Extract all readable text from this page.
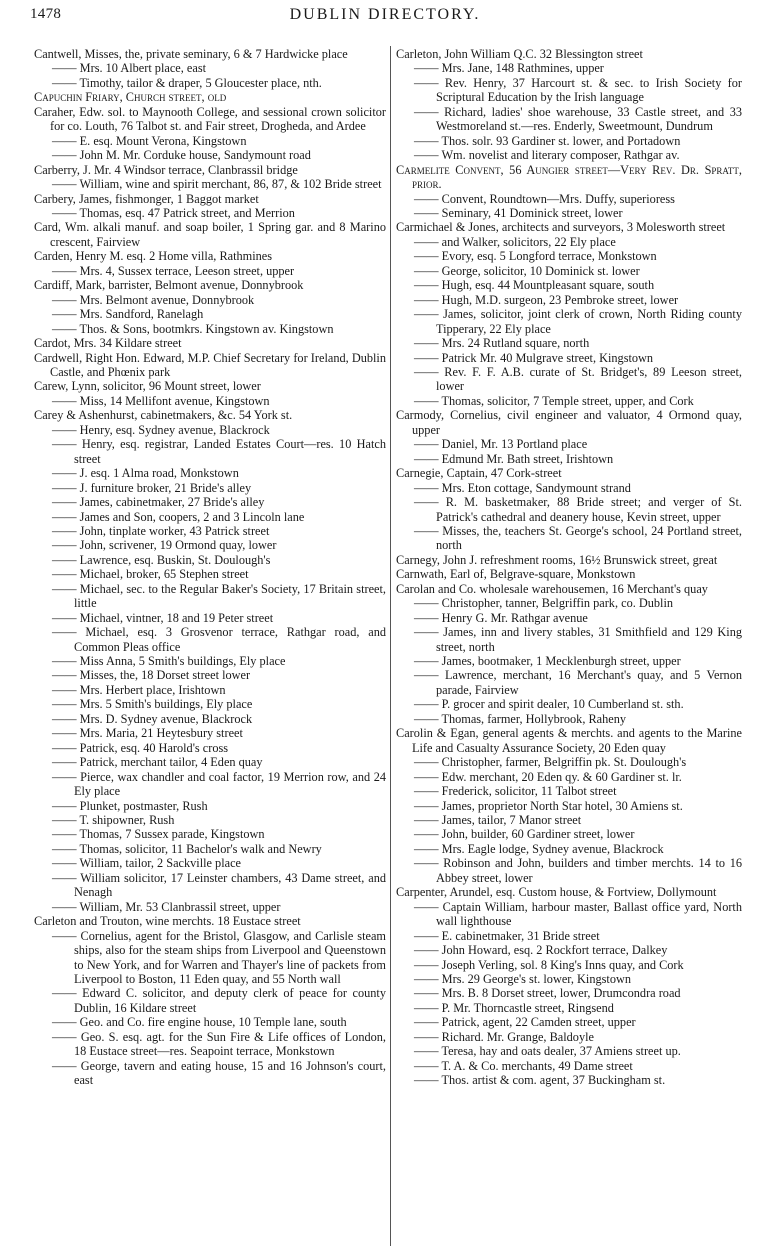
1478	DUBLIN DIRECTORY.
Cantwell, Misses, the, private seminary, 6 & 7 Hardwicke place
—— Mrs. 10 Albert place, east
—— Timothy, tailor & draper, 5 Gloucester place, nth.
Capuchin Friary, Church street, old
Caraher, Edw. sol. to Maynooth College, and sessional crown solicitor for co. Louth, 76 Talbot st. and Fair street, Drogheda, and Ardee
—— E. esq. Mount Verona, Kingstown
—— John M. Mr. Corduke house, Sandymount road
Carberry, J. Mr. 4 Windsor terrace, Clanbrassil bridge
—— William, wine and spirit merchant, 86, 87, & 102 Bride street
Carbery, James, fishmonger, 1 Baggot market
—— Thomas, esq. 47 Patrick street, and Merrion
Card, Wm. alkali manuf. and soap boiler, 1 Spring gar. and 8 Marino crescent, Fairview
Carden, Henry M. esq. 2 Home villa, Rathmines
—— Mrs. 4, Sussex terrace, Leeson street, upper
Cardiff, Mark, barrister, Belmont avenue, Donnybrook
—— Mrs. Belmont avenue, Donnybrook
—— Mrs. Sandford, Ranelagh
—— Thos. & Sons, bootmkrs. Kingstown av. Kingstown
Cardot, Mrs. 34 Kildare street
Cardwell, Right Hon. Edward, M.P. Chief Secretary for Ireland, Dublin Castle, and Phœnix park
Carew, Lynn, solicitor, 96 Mount street, lower
—— Miss, 14 Mellifont avenue, Kingstown
Carey & Ashenhurst, cabinetmakers, &c. 54 York st.
—— Henry, esq. Sydney avenue, Blackrock
—— Henry, esq. registrar, Landed Estates Court—res. 10 Hatch street
—— J. esq. 1 Alma road, Monkstown
—— J. furniture broker, 21 Bride's alley
—— James, cabinetmaker, 27 Bride's alley
—— James and Son, coopers, 2 and 3 Lincoln lane
—— John, tinplate worker, 43 Patrick street
—— John, scrivener, 19 Ormond quay, lower
—— Lawrence, esq. Buskin, St. Doulough's
—— Michael, broker, 65 Stephen street
—— Michael, sec. to the Regular Baker's Society, 17 Britain street, little
—— Michael, vintner, 18 and 19 Peter street
—— Michael, esq. 3 Grosvenor terrace, Rathgar road, and Common Pleas office
—— Miss Anna, 5 Smith's buildings, Ely place
—— Misses, the, 18 Dorset street lower
—— Mrs. Herbert place, Irishtown
—— Mrs. 5 Smith's buildings, Ely place
—— Mrs. D. Sydney avenue, Blackrock
—— Mrs. Maria, 21 Heytesbury street
—— Patrick, esq. 40 Harold's cross
—— Patrick, merchant tailor, 4 Eden quay
—— Pierce, wax chandler and coal factor, 19 Merrion row, and 24 Ely place
—— Plunket, postmaster, Rush
—— T. shipowner, Rush
—— Thomas, 7 Sussex parade, Kingstown
—— Thomas, solicitor, 11 Bachelor's walk and Newry
—— William, tailor, 2 Sackville place
—— William solicitor, 17 Leinster chambers, 43 Dame street, and Nenagh
—— William, Mr. 53 Clanbrassil street, upper
Carleton and Trouton, wine merchts. 18 Eustace street
—— Cornelius, agent for the Bristol, Glasgow, and Carlisle steam ships, also for the steam ships from Liverpool and Queenstown to New York, and for Warren and Thayer's line of packets from Liverpool to Boston, 11 Eden quay, and 55 North wall
—— Edward C. solicitor, and deputy clerk of peace for county Dublin, 16 Kildare street
—— Geo. and Co. fire engine house, 10 Temple lane, south
—— Geo. S. esq. agt. for the Sun Fire & Life offices of London, 18 Eustace street—res. Seapoint terrace, Monkstown
—— George, tavern and eating house, 15 and 16 Johnson's court, east
Carleton, John William Q.C. 32 Blessington street
—— Mrs. Jane, 148 Rathmines, upper
—— Rev. Henry, 37 Harcourt st. & sec. to Irish Society for Scriptural Education by the Irish language
—— Richard, ladies' shoe warehouse, 33 Castle street, and 33 Westmoreland st.—res. Enderly, Sweetmount, Dundrum
—— Thos. solr. 93 Gardiner st. lower, and Portadown
—— Wm. novelist and literary composer, Rathgar av.
Carmelite Convent, 56 Aungier street—Very Rev. Dr. Spratt, prior.
—— Convent, Roundtown—Mrs. Duffy, superioress
—— Seminary, 41 Dominick street, lower
Carmichael & Jones, architects and surveyors, 3 Molesworth street
—— and Walker, solicitors, 22 Ely place
—— Evory, esq. 5 Longford terrace, Monkstown
—— George, solicitor, 10 Dominick st. lower
—— Hugh, esq. 44 Mountpleasant square, south
—— Hugh, M.D. surgeon, 23 Pembroke street, lower
—— James, solicitor, joint clerk of crown, North Riding county Tipperary, 22 Ely place
—— Mrs. 24 Rutland square, north
—— Patrick Mr. 40 Mulgrave street, Kingstown
—— Rev. F. F. A.B. curate of St. Bridget's, 89 Leeson street, lower
—— Thomas, solicitor, 7 Temple street, upper, and Cork
Carmody, Cornelius, civil engineer and valuator, 4 Ormond quay, upper
—— Daniel, Mr. 13 Portland place
—— Edmund Mr. Bath street, Irishtown
Carnegie, Captain, 47 Cork-street
—— Mrs. Eton cottage, Sandymount strand
—— R. M. basketmaker, 88 Bride street; and verger of St. Patrick's cathedral and deanery house, Kevin street, upper
—— Misses, the, teachers St. George's school, 24 Portland street, north
Carnegy, John J. refreshment rooms, 16½ Brunswick street, great
Carnwath, Earl of, Belgrave-square, Monkstown
Carolan and Co. wholesale warehousemen, 16 Merchant's quay
—— Christopher, tanner, Belgriffin park, co. Dublin
—— Henry G. Mr. Rathgar avenue
—— James, inn and livery stables, 31 Smithfield and 129 King street, north
—— James, bootmaker, 1 Mecklenburgh street, upper
—— Lawrence, merchant, 16 Merchant's quay, and 5 Vernon parade, Fairview
—— P. grocer and spirit dealer, 10 Cumberland st. sth.
—— Thomas, farmer, Hollybrook, Raheny
Carolin & Egan, general agents & merchts. and agents to the Marine Life and Casualty Assurance Society, 20 Eden quay
—— Christopher, farmer, Belgriffin pk. St. Doulough's
—— Edw. merchant, 20 Eden qy. & 60 Gardiner st. lr.
—— Frederick, solicitor, 11 Talbot street
—— James, proprietor North Star hotel, 30 Amiens st.
—— James, tailor, 7 Manor street
—— John, builder, 60 Gardiner street, lower
—— Mrs. Eagle lodge, Sydney avenue, Blackrock
—— Robinson and John, builders and timber merchts. 14 to 16 Abbey street, lower
Carpenter, Arundel, esq. Custom house, & Fortview, Dollymount
—— Captain William, harbour master, Ballast office yard, North wall lighthouse
—— E. cabinetmaker, 31 Bride street
—— John Howard, esq. 2 Rockfort terrace, Dalkey
—— Joseph Verling, sol. 8 King's Inns quay, and Cork
—— Mrs. 29 George's st. lower, Kingstown
—— Mrs. B. 8 Dorset street, lower, Drumcondra road
—— P. Mr. Thorncastle street, Ringsend
—— Patrick, agent, 22 Camden street, upper
—— Richard. Mr. Grange, Baldoyle
—— Teresa, hay and oats dealer, 37 Amiens street up.
—— T. A. & Co. merchants, 49 Dame street
—— Thos. artist & com. agent, 37 Buckingham st.
